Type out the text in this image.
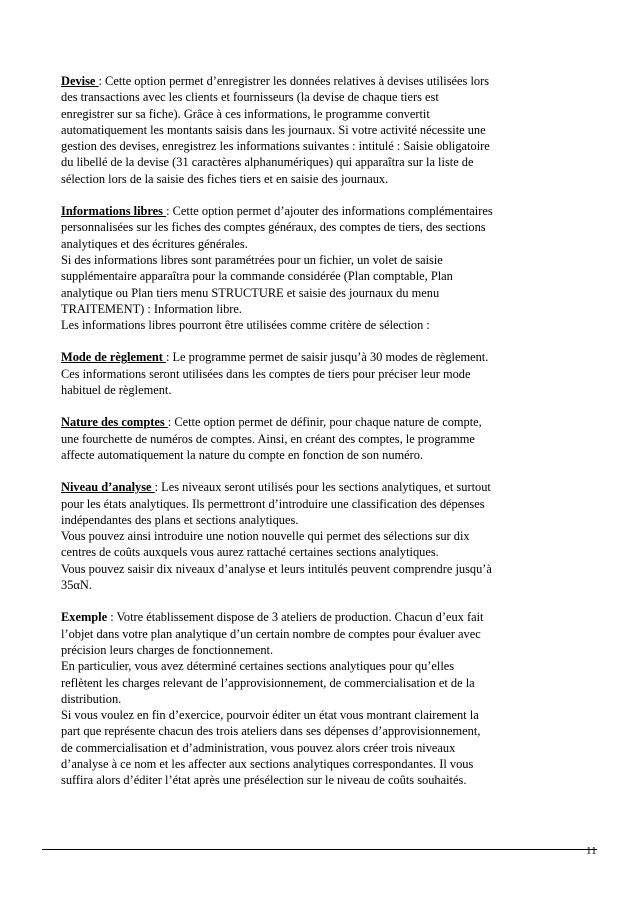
Devise : Cette option permet d’enregistrer les données relatives à devises utilisées lors
des transactions avec les clients et fournisseurs (la devise de chaque tiers est
enregistrer sur sa fiche). Grâce à ces informations, le programme convertit
automatiquement les montants saisis dans les journaux. Si votre activité nécessite une
gestion des devises, enregistrez les informations suivantes : intitulé : Saisie obligatoire
du libellé de la devise (31 caractères alphanumériques) qui apparaîtra sur la liste de
sélection lors de la saisie des fiches tiers et en saisie des journaux.
Informations libres : Cette option permet d’ajouter des informations complémentaires
personnalisées sur les fiches des comptes généraux, des comptes de tiers, des sections
analytiques et des écritures générales.
Si des informations libres sont paramétrées pour un fichier, un volet de saisie
supplémentaire apparaîtra pour la commande considérée (Plan comptable, Plan
analytique ou Plan tiers menu STRUCTURE et saisie des journaux du menu
TRAITEMENT) : Information libre.
Les informations libres pourront être utilisées comme critère de sélection :
Mode de règlement : Le programme permet de saisir jusqu’à 30 modes de règlement.
Ces informations seront utilisées dans les comptes de tiers pour préciser leur mode
habituel de règlement.
Nature des comptes : Cette option permet de définir, pour chaque nature de compte,
une fourchette de numéros de comptes. Ainsi, en créant des comptes, le programme
affecte automatiquement la nature du compte en fonction de son numéro.
Niveau d’analyse : Les niveaux seront utilisés pour les sections analytiques, et surtout
pour les états analytiques. Ils permettront d’introduire une classification des dépenses
indépendantes des plans et sections analytiques.
Vous pouvez ainsi introduire une notion nouvelle qui permet des sélections sur dix
centres de coûts auxquels vous aurez rattaché certaines sections analytiques.
Vous pouvez saisir dix niveaux d’analyse et leurs intitulés peuvent comprendre jusqu’à
35αN.
Exemple : Votre établissement dispose de 3 ateliers de production. Chacun d’eux fait
l’objet dans votre plan analytique d’un certain nombre de comptes pour évaluer avec
précision leurs charges de fonctionnement.
En particulier, vous avez déterminé certaines sections analytiques pour qu’elles
reflètent les charges relevant de l’approvisionnement, de commercialisation et de la
distribution.
Si vous voulez en fin d’exercice, pourvoir éditer un état vous montrant clairement la
part que représente chacun des trois ateliers dans ses dépenses d’approvisionnement,
de commercialisation et d’administration, vous pouvez alors créer trois niveaux
d’analyse à ce nom et les affecter aux sections analytiques correspondantes. Il vous
suffira alors d’éditer l’état après une présélection sur le niveau de coûts souhaités.
11
